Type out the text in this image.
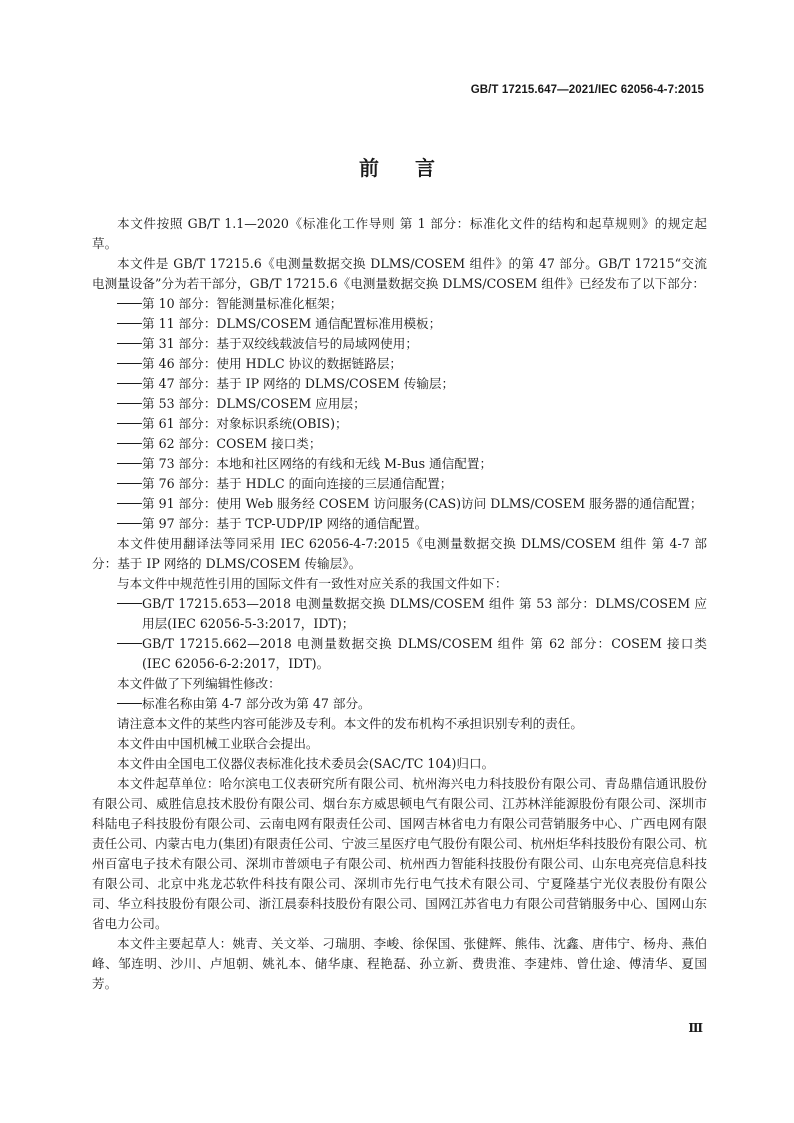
GB/T 17215.647—2021/IEC 62056-4-7:2015
前言

本文件按照 GB/T 1.1—2020《标准化工作导则 第 1 部分：标准化文件的结构和起草规则》的规定起草。

本文件是 GB/T 17215.6《电测量数据交换 DLMS/COSEM 组件》的第 47 部分。GB/T 17215“交流电测量设备”分为若干部分，GB/T 17215.6《电测量数据交换 DLMS/COSEM 组件》已经发布了以下部分：

第 10 部分：智能测量标准化框架；

第 11 部分：DLMS/COSEM 通信配置标准用模板；

第 31 部分：基于双绞线载波信号的局域网使用；

第 46 部分：使用 HDLC 协议的数据链路层；

第 47 部分：基于 IP 网络的 DLMS/COSEM 传输层；

第 53 部分：DLMS/COSEM 应用层；

第 61 部分：对象标识系统(OBIS)；

第 62 部分：COSEM 接口类；

第 73 部分：本地和社区网络的有线和无线 M-Bus 通信配置；

第 76 部分：基于 HDLC 的面向连接的三层通信配置；

第 91 部分：使用 Web 服务经 COSEM 访问服务(CAS)访问 DLMS/COSEM 服务器的通信配置；

第 97 部分：基于 TCP-UDP/IP 网络的通信配置。

本文件使用翻译法等同采用 IEC 62056-4-7:2015《电测量数据交换 DLMS/COSEM 组件 第 4-7 部分：基于 IP 网络的 DLMS/COSEM 传输层》。

与本文件中规范性引用的国际文件有一致性对应关系的我国文件如下：

GB/T 17215.653—2018 电测量数据交换 DLMS/COSEM 组件 第 53 部分：DLMS/COSEM 应用层(IEC 62056-5-3:2017，IDT)；

GB/T 17215.662—2018 电测量数据交换 DLMS/COSEM 组件 第 62 部分：COSEM 接口类(IEC 62056-6-2:2017，IDT)。

本文件做了下列编辑性修改：

标准名称由第 4-7 部分改为第 47 部分。

请注意本文件的某些内容可能涉及专利。本文件的发布机构不承担识别专利的责任。

本文件由中国机械工业联合会提出。

本文件由全国电工仪器仪表标准化技术委员会(SAC/TC 104)归口。

本文件起草单位：哈尔滨电工仪表研究所有限公司、杭州海兴电力科技股份有限公司、青岛鼎信通讯股份有限公司、威胜信息技术股份有限公司、烟台东方威思顿电气有限公司、江苏林洋能源股份有限公司、深圳市科陆电子科技股份有限公司、云南电网有限责任公司、国网吉林省电力有限公司营销服务中心、广西电网有限责任公司、内蒙古电力(集团)有限责任公司、宁波三星医疗电气股份有限公司、杭州炬华科技股份有限公司、杭州百富电子技术有限公司、深圳市普颂电子有限公司、杭州西力智能科技股份有限公司、山东电亮亮信息科技有限公司、北京中兆龙芯软件科技有限公司、深圳市先行电气技术有限公司、宁夏隆基宁光仪表股份有限公司、华立科技股份有限公司、浙江晨泰科技股份有限公司、国网江苏省电力有限公司营销服务中心、国网山东省电力公司。

本文件主要起草人：姚青、关文举、刁瑞朋、李峻、徐保国、张健辉、熊伟、沈鑫、唐伟宁、杨舟、燕伯峰、邹连明、沙川、卢旭朝、姚礼本、储华康、程艳磊、孙立新、费贵淮、李建炜、曾仕途、傅清华、夏国芳。

Ⅲ
